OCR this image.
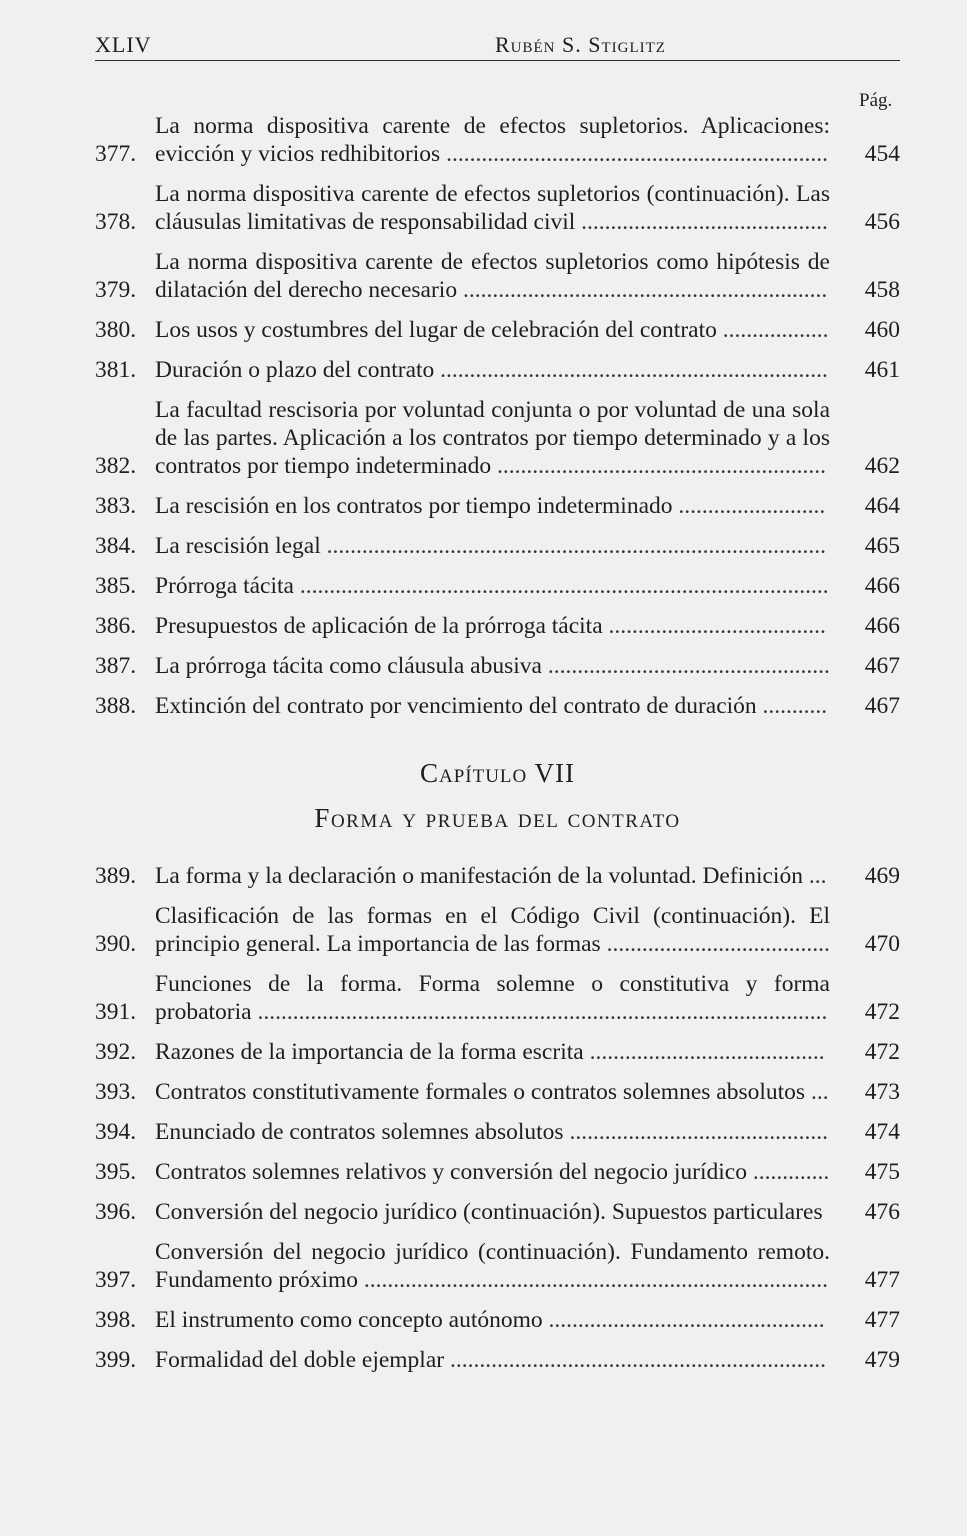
XLIV	Rubén S. Stiglitz
Pág.
377.
La norma dispositiva carente de efectos supletorios. Aplicaciones: evicción y vicios redhibitorios .................................................................	454
378.
La norma dispositiva carente de efectos supletorios (continuación). Las cláusulas limitativas de responsabilidad civil ..........................................	456
379.
La norma dispositiva carente de efectos supletorios como hipótesis de dilatación del derecho necesario ..............................................................	458
380. Los usos y costumbres del lugar de celebración del contrato ..................	460
381. Duración o plazo del contrato ..................................................................	461
382.
La facultad rescisoria por voluntad conjunta o por voluntad de una sola de las partes. Aplicación a los contratos por tiempo determinado y a los contratos por tiempo indeterminado ........................................................	462
383. La rescisión en los contratos por tiempo indeterminado .........................	464
384. La rescisión legal .....................................................................................	465
385. Prórroga tácita ..........................................................................................	466
386. Presupuestos de aplicación de la prórroga tácita .....................................	466
387. La prórroga tácita como cláusula abusiva ................................................	467
388. Extinción del contrato por vencimiento del contrato de duración ...........	467
Capítulo VII
Forma y prueba del contrato
389. La forma y la declaración o manifestación de la voluntad. Definición ...	469
390.
Clasificación de las formas en el Código Civil (continuación). El principio general. La importancia de las formas ......................................	470
391.
Funciones de la forma. Forma solemne o constitutiva y forma probatoria .................................................................................................	472
392. Razones de la importancia de la forma escrita ........................................	472
393. Contratos constitutivamente formales o contratos solemnes absolutos ...	473
394. Enunciado de contratos solemnes absolutos ............................................	474
395. Contratos solemnes relativos y conversión del negocio jurídico .............	475
396. Conversión del negocio jurídico (continuación). Supuestos particulares	476
397.
Conversión del negocio jurídico (continuación). Fundamento remoto. Fundamento próximo ...............................................................................	477
398. El instrumento como concepto autónomo ...............................................	477
399. Formalidad del doble ejemplar ................................................................	479
